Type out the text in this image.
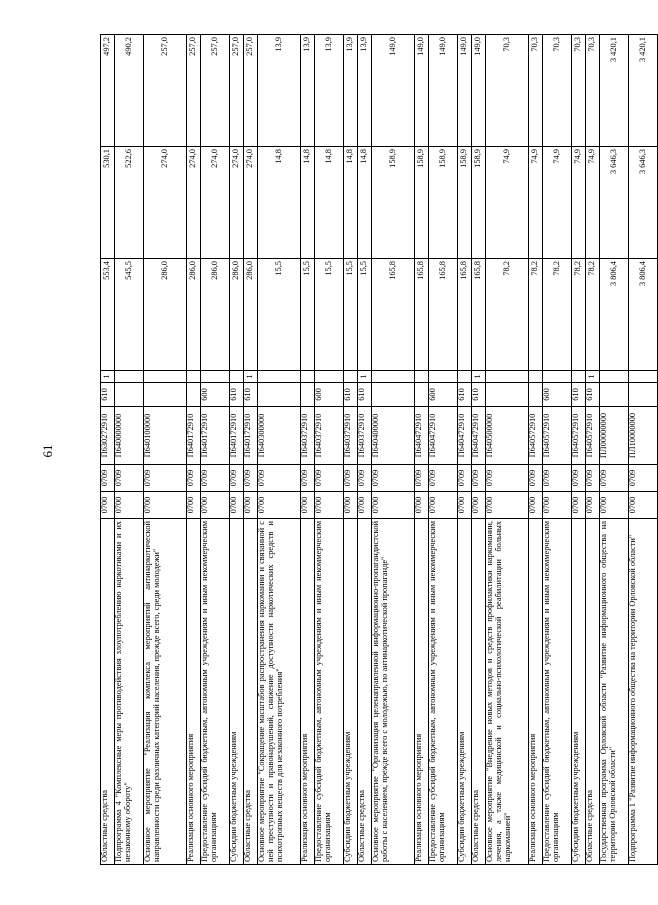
61
Областные средства	0700	0709	П630272910	610	1	553,4	530,1	497,2
Подпрограмма 4 "Комплексные меры противодействия злоупотреблению наркотиками и их незаконному обороту"	0700	0709	П640000000			545,5	522,6	490,2
Основное мероприятие "Реализация комплекса мероприятий антинаркотической направленности среди различных категорий населения, прежде всего, среди молодежи"	0700	0709	П640100000			286,0	274,0	257,0
Реализация основного мероприятия	0700	0709	П640172910			286,0	274,0	257,0
Предоставление субсидий бюджетным, автономным учреждениям и иным некоммерческим организациям	0700	0709	П640172910	600		286,0	274,0	257,0
Субсидии бюджетным учреждениям	0700	0709	П640172910	610		286,0	274,0	257,0
Областные средства	0700	0709	П640172910	610	1	286,0	274,0	257,0
Основное мероприятие "Сокращение масштабов распространения наркомании и связанной с ней преступности и правонарушений, снижение доступности наркотических средств и психотропных веществ для незаконного потребления"	0700	0709	П640300000			15,5	14,8	13,9
Реализация основного мероприятия	0700	0709	П640372910			15,5	14,8	13,9
Предоставление субсидий бюджетным, автономным учреждениям и иным некоммерческим организациям	0700	0709	П640372910	600		15,5	14,8	13,9
Субсидии бюджетным учреждениям	0700	0709	П640372910	610		15,5	14,8	13,9
Областные средства	0700	0709	П640372910	610	1	15,5	14,8	13,9
Основное мероприятие "Организация целенаправленной информационно-пропагандистской работы с населением, прежде всего с молодежью, по антинаркотической пропаганде"	0700	0709	П640400000			165,8	158,9	149,0
Реализация основного мероприятия	0700	0709	П640472910			165,8	158,9	149,0
Предоставление субсидий бюджетным, автономным учреждениям и иным некоммерческим организациям	0700	0709	П640472910	600		165,8	158,9	149,0
Субсидии бюджетным учреждениям	0700	0709	П640472910	610		165,8	158,9	149,0
Областные средства	0700	0709	П640472910	610	1	165,8	158,9	149,0
Основное мероприятие "Внедрение новых методов и средств профилактики наркомании, лечения, а также медицинской и социально-психологической реабилитации больных наркоманией"	0700	0709	П640500000			78,2	74,9	70,3
Реализация основного мероприятия	0700	0709	П640572910			78,2	74,9	70,3
Предоставление субсидий бюджетным, автономным учреждениям и иным некоммерческим организациям	0700	0709	П640572910	600		78,2	74,9	70,3
Субсидии бюджетным учреждениям	0700	0709	П640572910	610		78,2	74,9	70,3
Областные средства	0700	0709	П640572910	610	1	78,2	74,9	70,3
Государственная программа Орловской области "Развитие информационного общества на территории Орловской области"	0700	0709	ПЛ00000000			3 806,4	3 646,3	3 420,1
Подпрограмма 1 "Развитие информационного общества на территории Орловской области"	0700	0709	ПЛ10000000			3 806,4	3 646,3	3 420,1
